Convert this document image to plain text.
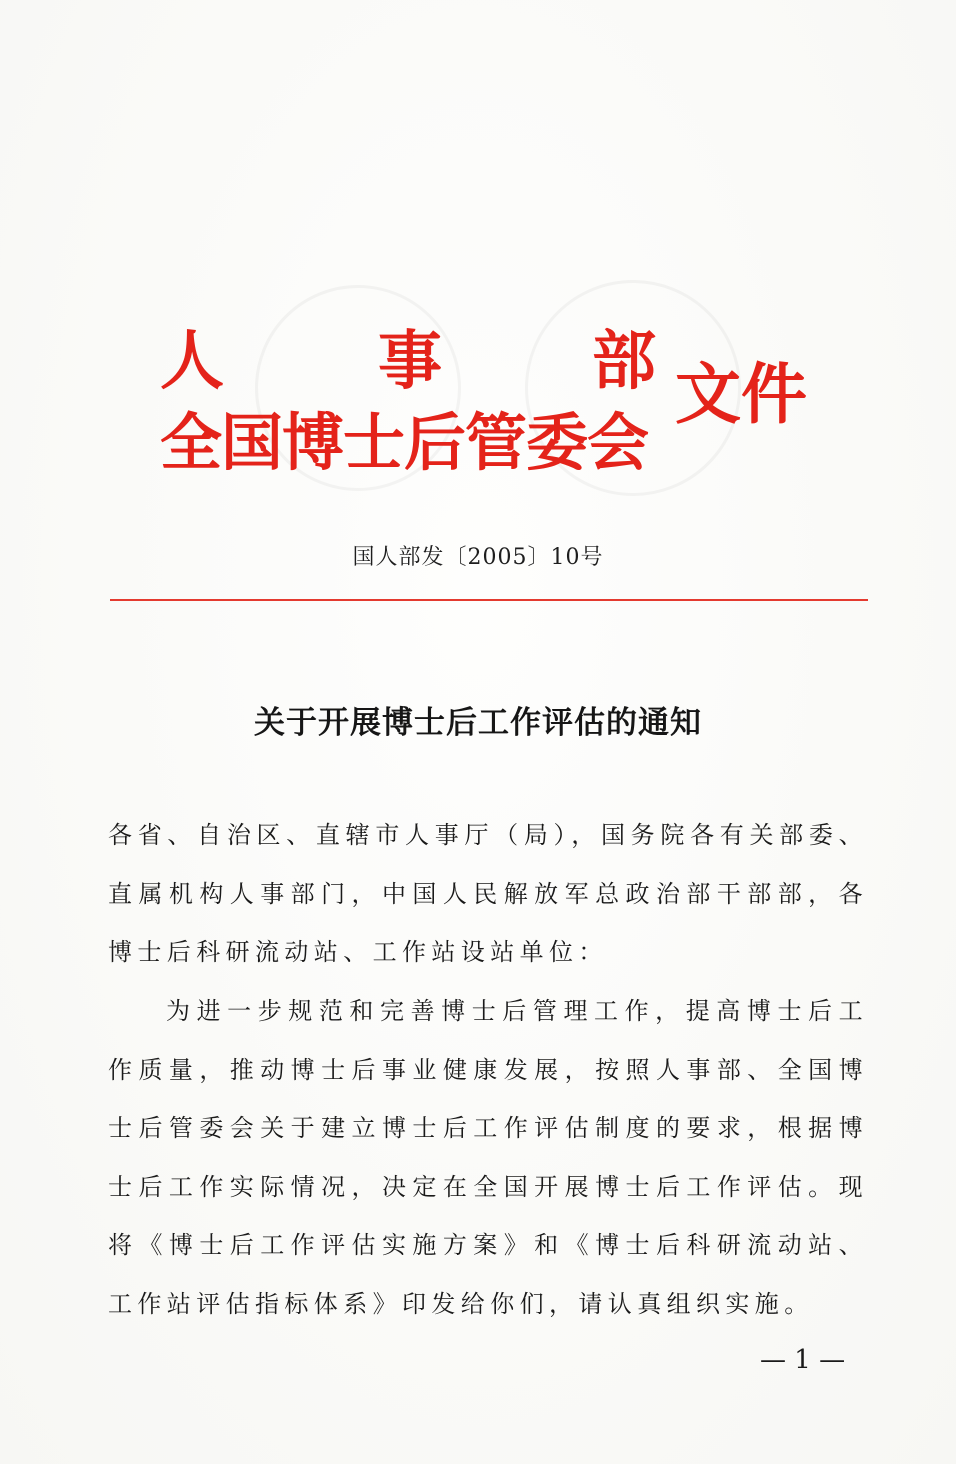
人 事 部
全国博士后管委会
文件
国人部发〔2005〕10号
关于开展博士后工作评估的通知
各省、自治区、直辖市人事厅（局），国务院各有关部委、直属机构人事部门，中国人民解放军总政治部干部部，各博士后科研流动站、工作站设站单位：
为进一步规范和完善博士后管理工作，提高博士后工作质量，推动博士后事业健康发展，按照人事部、全国博士后管委会关于建立博士后工作评估制度的要求，根据博士后工作实际情况，决定在全国开展博士后工作评估。现将《博士后工作评估实施方案》和《博士后科研流动站、工作站评估指标体系》印发给你们，请认真组织实施。
— 1 —
